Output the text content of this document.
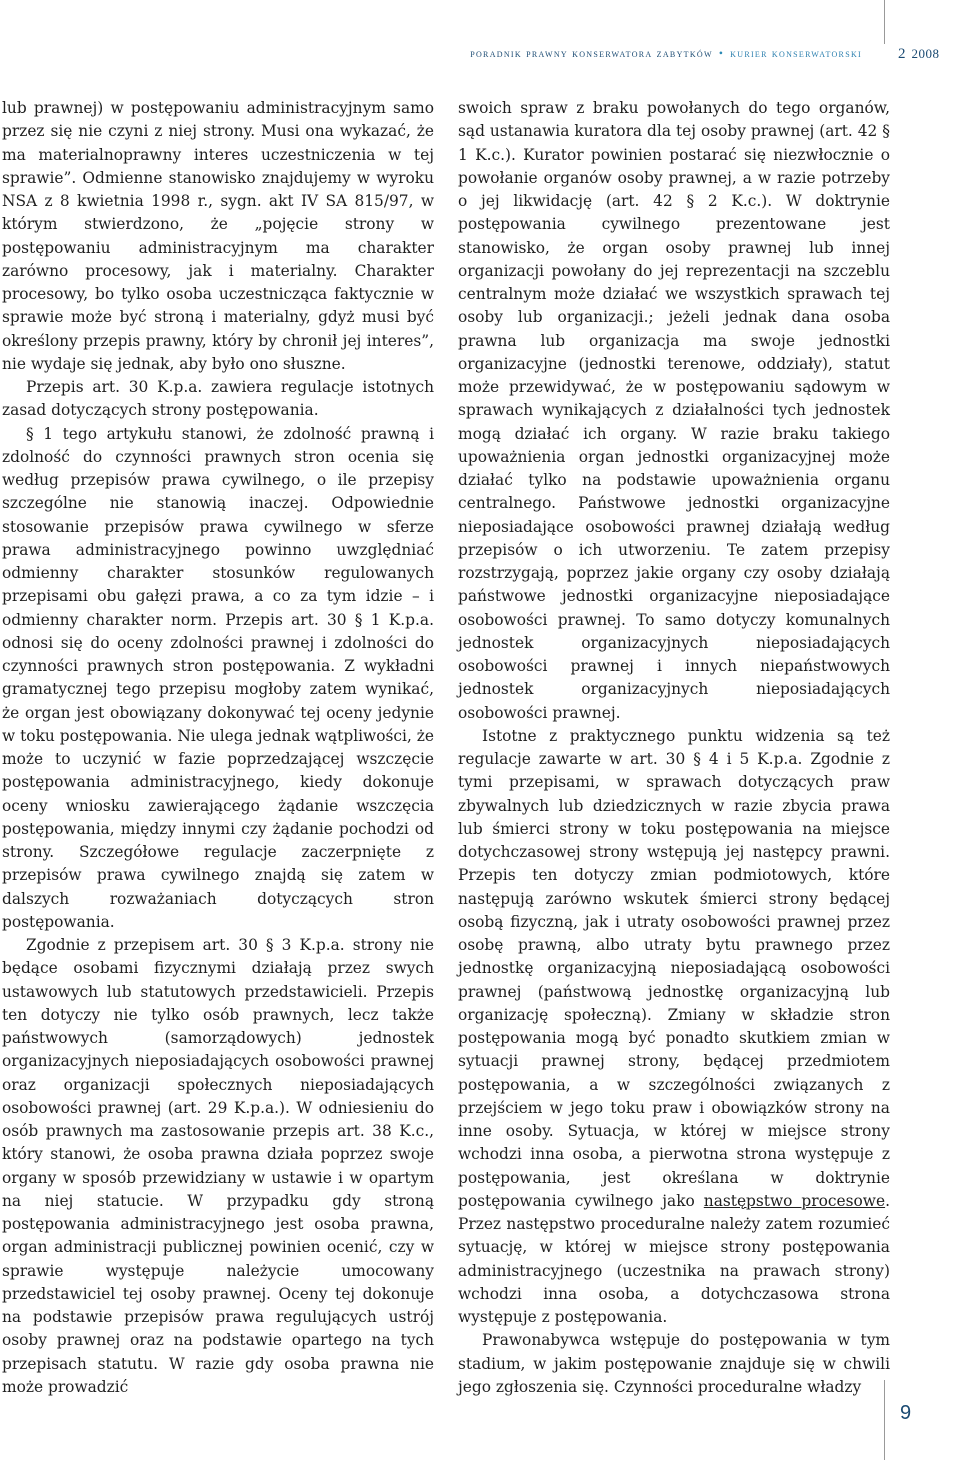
poradnik prawny konserwatora zabytków • kurier konserwatorski 2 2008

lub prawnej) w postępowaniu administracyjnym samo przez się nie czyni z niej strony. Musi ona wykazać, że ma materialnoprawny interes uczestniczenia w tej sprawie”. Odmienne stanowisko znajdujemy w wyroku NSA z 8 kwietnia 1998 r., sygn. akt IV SA 815/97, w którym stwierdzono, że „pojęcie strony w postępowaniu administracyjnym ma charakter zarówno procesowy, jak i materialny. Charakter procesowy, bo tylko osoba uczestnicząca faktycznie w sprawie może być stroną i materialny, gdyż musi być określony przepis prawny, który by chronił jej interes”, nie wydaje się jednak, aby było ono słuszne.

Przepis art. 30 K.p.a. zawiera regulacje istotnych zasad dotyczących strony postępowania.

§ 1 tego artykułu stanowi, że zdolność prawną i zdolność do czynności prawnych stron ocenia się według przepisów prawa cywilnego, o ile przepisy szczególne nie stanowią inaczej. Odpowiednie stosowanie przepisów prawa cywilnego w sferze prawa administracyjnego powinno uwzględniać odmienny charakter stosunków regulowanych przepisami obu gałęzi prawa, a co za tym idzie – i odmienny charakter norm. Przepis art. 30 § 1 K.p.a. odnosi się do oceny zdolności prawnej i zdolności do czynności prawnych stron postępowania. Z wykładni gramatycznej tego przepisu mogłoby zatem wynikać, że organ jest obowiązany dokonywać tej oceny jedynie w toku postępowania. Nie ulega jednak wątpliwości, że może to uczynić w fazie poprzedzającej wszczęcie postępowania administracyjnego, kiedy dokonuje oceny wniosku zawierającego żądanie wszczęcia postępowania, między innymi czy żądanie pochodzi od strony. Szczegółowe regulacje zaczerpnięte z przepisów prawa cywilnego znajdą się zatem w dalszych rozważaniach dotyczących stron postępowania.

Zgodnie z przepisem art. 30 § 3 K.p.a. strony nie będące osobami fizycznymi działają przez swych ustawowych lub statutowych przedstawicieli. Przepis ten dotyczy nie tylko osób prawnych, lecz także państwowych (samorządowych) jednostek organizacyjnych nieposiadających osobowości prawnej oraz organizacji społecznych nieposiadających osobowości prawnej (art. 29 K.p.a.). W odniesieniu do osób prawnych ma zastosowanie przepis art. 38 K.c., który stanowi, że osoba prawna działa poprzez swoje organy w sposób przewidziany w ustawie i w opartym na niej statucie. W przypadku gdy stroną postępowania administracyjnego jest osoba prawna, organ administracji publicznej powinien ocenić, czy w sprawie występuje należycie umocowany przedstawiciel tej osoby prawnej. Oceny tej dokonuje na podstawie przepisów prawa regulujących ustrój osoby prawnej oraz na podstawie opartego na tych przepisach statutu. W razie gdy osoba prawna nie może prowadzić

swoich spraw z braku powołanych do tego organów, sąd ustanawia kuratora dla tej osoby prawnej (art. 42 § 1 K.c.). Kurator powinien postarać się niezwłocznie o powołanie organów osoby prawnej, a w razie potrzeby o jej likwidację (art. 42 § 2 K.c.). W doktrynie postępowania cywilnego prezentowane jest stanowisko, że organ osoby prawnej lub innej organizacji powołany do jej reprezentacji na szczeblu centralnym może działać we wszystkich sprawach tej osoby lub organizacji.; jeżeli jednak dana osoba prawna lub organizacja ma swoje jednostki organizacyjne (jednostki terenowe, oddziały), statut może przewidywać, że w postępowaniu sądowym w sprawach wynikających z działalności tych jednostek mogą działać ich organy. W razie braku takiego upoważnienia organ jednostki organizacyjnej może działać tylko na podstawie upoważnienia organu centralnego. Państwowe jednostki organizacyjne nieposiadające osobowości prawnej działają według przepisów o ich utworzeniu. Te zatem przepisy rozstrzygają, poprzez jakie organy czy osoby działają państwowe jednostki organizacyjne nieposiadające osobowości prawnej. To samo dotyczy komunalnych jednostek organizacyjnych nieposiadających osobowości prawnej i innych niepaństwowych jednostek organizacyjnych nieposiadających osobowości prawnej.

Istotne z praktycznego punktu widzenia są też regulacje zawarte w art. 30 § 4 i 5 K.p.a. Zgodnie z tymi przepisami, w sprawach dotyczących praw zbywalnych lub dziedzicznych w razie zbycia prawa lub śmierci strony w toku postępowania na miejsce dotychczasowej strony wstępują jej następcy prawni. Przepis ten dotyczy zmian podmiotowych, które następują zarówno wskutek śmierci strony będącej osobą fizyczną, jak i utraty osobowości prawnej przez osobę prawną, albo utraty bytu prawnego przez jednostkę organizacyjną nieposiadającą osobowości prawnej (państwową jednostkę organizacyjną lub organizację społeczną). Zmiany w składzie stron postępowania mogą być ponadto skutkiem zmian w sytuacji prawnej strony, będącej przedmiotem postępowania, a w szczególności związanych z przejściem w jego toku praw i obowiązków strony na inne osoby. Sytuacja, w której w miejsce strony wchodzi inna osoba, a pierwotna strona występuje z postępowania, jest określana w doktrynie postępowania cywilnego jako następstwo procesowe. Przez następstwo proceduralne należy zatem rozumieć sytuację, w której w miejsce strony postępowania administracyjnego (uczestnika na prawach strony) wchodzi inna osoba, a dotychczasowa strona występuje z postępowania.

Prawonabywca wstępuje do postępowania w tym stadium, w jakim postępowanie znajduje się w chwili jego zgłoszenia się. Czynności proceduralne władzy

9
